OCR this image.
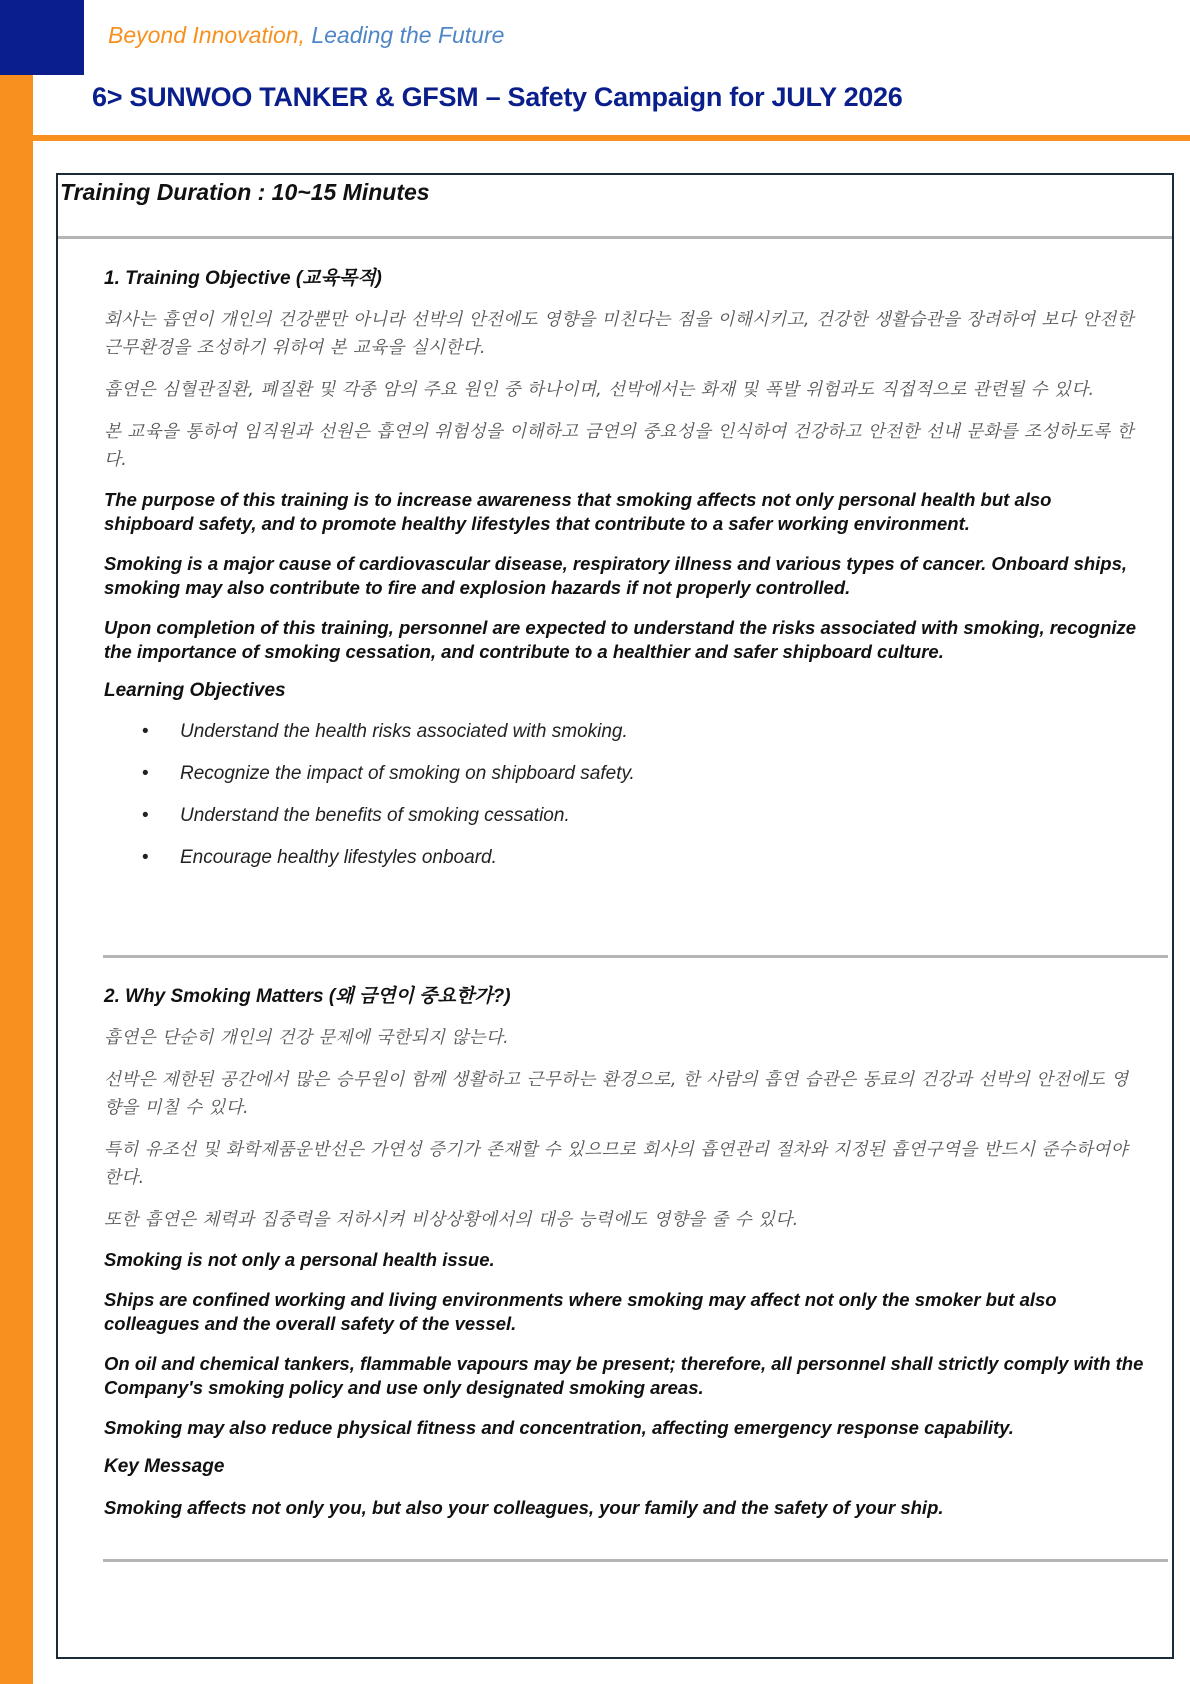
Beyond Innovation, Leading the Future
6> SUNWOO TANKER & GFSM – Safety Campaign for JULY 2026
Training Duration : 10~15 Minutes
1. Training Objective (교육목적)

회사는 흡연이 개인의 건강뿐만 아니라 선박의 안전에도 영향을 미친다는 점을 이해시키고, 건강한 생활습관을 장려하여 보다 안전한 근무환경을 조성하기 위하여 본 교육을 실시한다.

흡연은 심혈관질환, 폐질환 및 각종 암의 주요 원인 중 하나이며, 선박에서는 화재 및 폭발 위험과도 직접적으로 관련될 수 있다.

본 교육을 통하여 임직원과 선원은 흡연의 위험성을 이해하고 금연의 중요성을 인식하여 건강하고 안전한 선내 문화를 조성하도록 한다.

The purpose of this training is to increase awareness that smoking affects not only personal health but also shipboard safety, and to promote healthy lifestyles that contribute to a safer working environment.

Smoking is a major cause of cardiovascular disease, respiratory illness and various types of cancer. Onboard ships, smoking may also contribute to fire and explosion hazards if not properly controlled.

Upon completion of this training, personnel are expected to understand the risks associated with smoking, recognize the importance of smoking cessation, and contribute to a healthier and safer shipboard culture.

Learning Objectives
• Understand the health risks associated with smoking.
• Recognize the impact of smoking on shipboard safety.
• Understand the benefits of smoking cessation.
• Encourage healthy lifestyles onboard.
2. Why Smoking Matters (왜 금연이 중요한가?)

흡연은 단순히 개인의 건강 문제에 국한되지 않는다.

선박은 제한된 공간에서 많은 승무원이 함께 생활하고 근무하는 환경으로, 한 사람의 흡연 습관은 동료의 건강과 선박의 안전에도 영향을 미칠 수 있다.

특히 유조선 및 화학제품운반선은 가연성 증기가 존재할 수 있으므로 회사의 흡연관리 절차와 지정된 흡연구역을 반드시 준수하여야 한다.

또한 흡연은 체력과 집중력을 저하시켜 비상상황에서의 대응 능력에도 영향을 줄 수 있다.

Smoking is not only a personal health issue.

Ships are confined working and living environments where smoking may affect not only the smoker but also colleagues and the overall safety of the vessel.

On oil and chemical tankers, flammable vapours may be present; therefore, all personnel shall strictly comply with the Company's smoking policy and use only designated smoking areas.

Smoking may also reduce physical fitness and concentration, affecting emergency response capability.

Key Message

Smoking affects not only you, but also your colleagues, your family and the safety of your ship.
